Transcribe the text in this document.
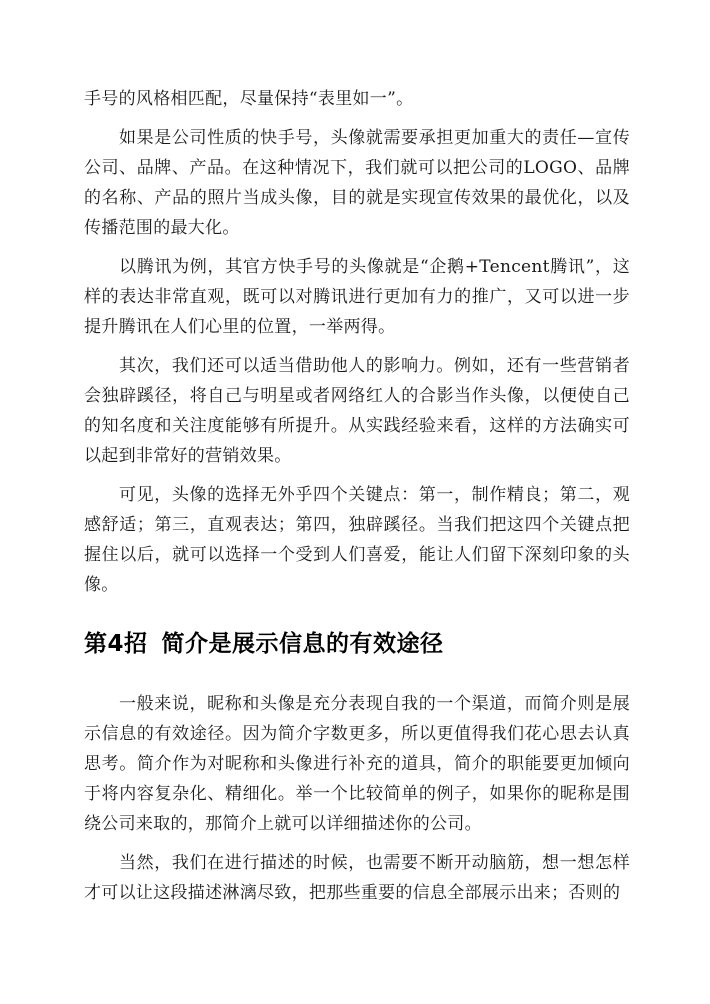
手号的风格相匹配，尽量保持“表里如一”。

如果是公司性质的快手号，头像就需要承担更加重大的责任—宣传公司、品牌、产品。在这种情况下，我们就可以把公司的LOGO、品牌的名称、产品的照片当成头像，目的就是实现宣传效果的最优化，以及传播范围的最大化。

以腾讯为例，其官方快手号的头像就是“企鹅+Tencent腾讯”，这样的表达非常直观，既可以对腾讯进行更加有力的推广，又可以进一步提升腾讯在人们心里的位置，一举两得。

其次，我们还可以适当借助他人的影响力。例如，还有一些营销者会独辟蹊径，将自己与明星或者网络红人的合影当作头像，以便使自己的知名度和关注度能够有所提升。从实践经验来看，这样的方法确实可以起到非常好的营销效果。

可见，头像的选择无外乎四个关键点：第一，制作精良；第二，观感舒适；第三，直观表达；第四，独辟蹊径。当我们把这四个关键点把握住以后，就可以选择一个受到人们喜爱，能让人们留下深刻印象的头像。

第4招 简介是展示信息的有效途径

一般来说，昵称和头像是充分表现自我的一个渠道，而简介则是展示信息的有效途径。因为简介字数更多，所以更值得我们花心思去认真思考。简介作为对昵称和头像进行补充的道具，简介的职能要更加倾向于将内容复杂化、精细化。举一个比较简单的例子，如果你的昵称是围绕公司来取的，那简介上就可以详细描述你的公司。

当然，我们在进行描述的时候，也需要不断开动脑筋，想一想怎样才可以让这段描述淋漓尽致，把那些重要的信息全部展示出来；否则的
